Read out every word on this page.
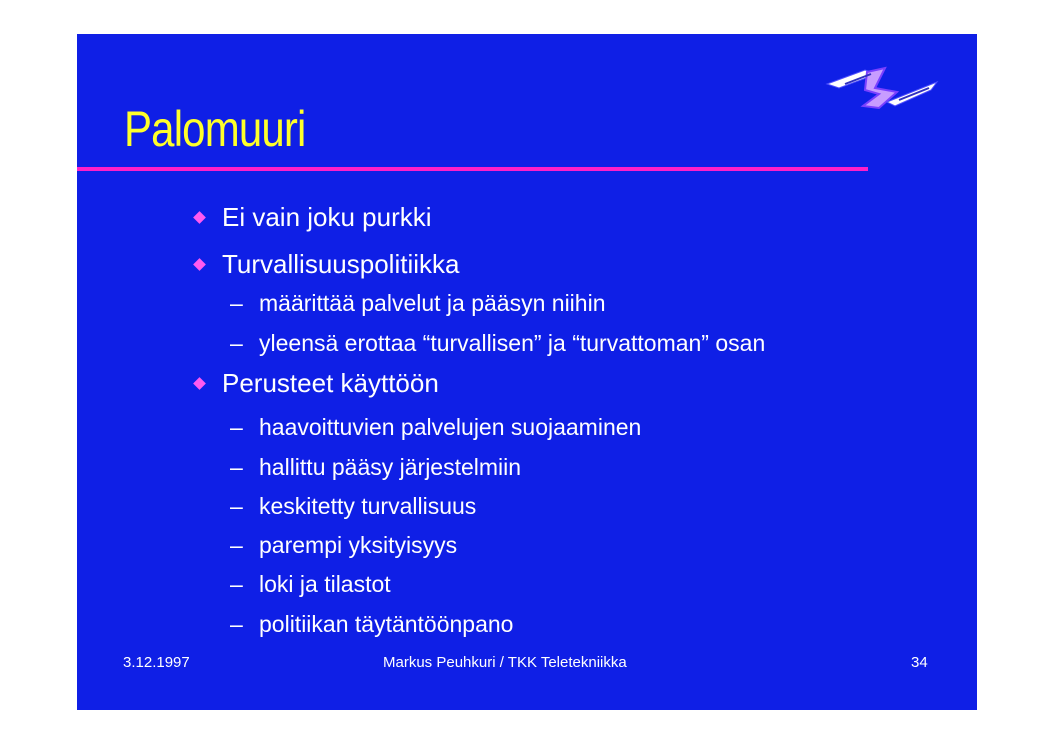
Palomuuri
Ei vain joku purkki
Turvallisuuspolitiikka
– määrittää palvelut ja pääsyn niihin
– yleensä erottaa “turvallisen” ja “turvattoman” osan
Perusteet käyttöön
– haavoittuvien palvelujen suojaaminen
– hallittu pääsy järjestelmiin
– keskitetty turvallisuus
– parempi yksityisyys
– loki ja tilastot
– politiikan täytäntöönpano
3.12.1997	Markus Peuhkuri / TKK Teletekniikka	34
